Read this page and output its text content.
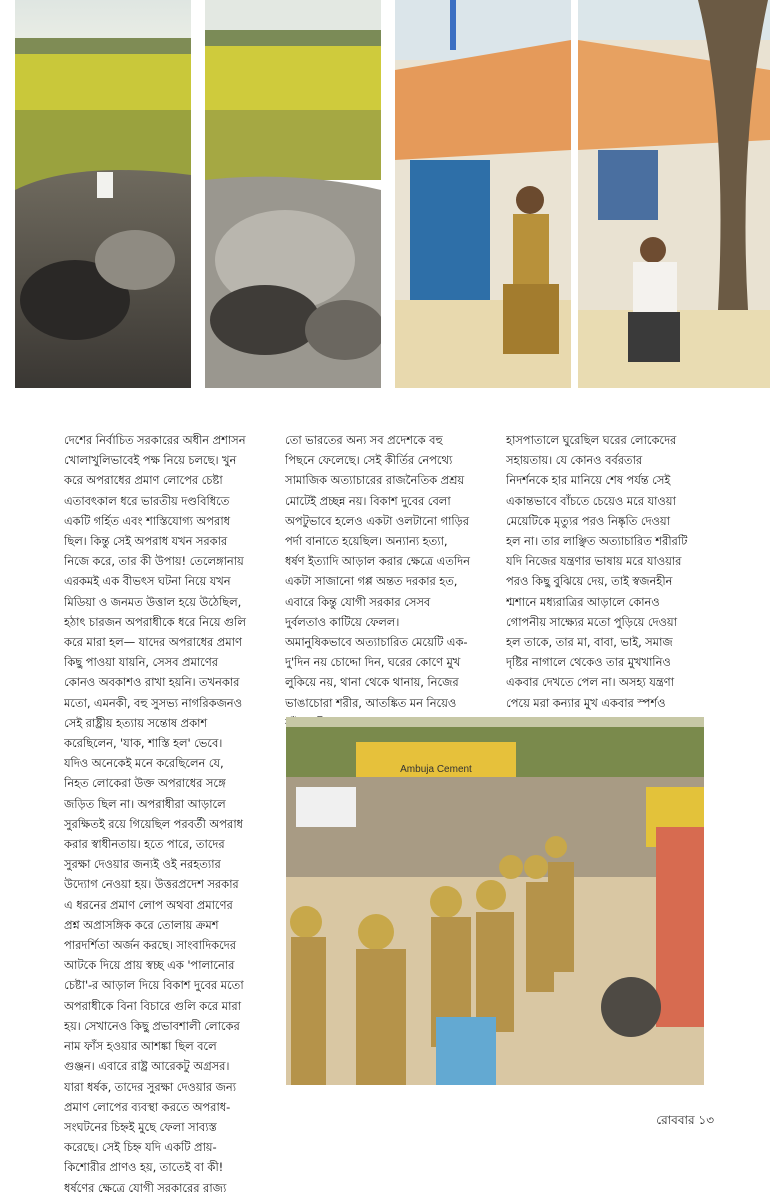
দেশের নির্বাচিত সরকারের অধীন প্রশাসন
খোলাখুলিভাবেই পক্ষ নিয়ে চলছে। খুন
করে অপরাধের প্রমাণ লোপের চেষ্টা
এতাবৎকাল ধরে ভারতীয় দণ্ডবিধিতে
একটি গর্হিত এবং শাস্তিযোগ্য অপরাধ
ছিল। কিন্তু সেই অপরাধ যখন সরকার
নিজে করে, তার কী উপায়! তেলেঙ্গানায়
এরকমই এক বীভৎস ঘটনা নিয়ে যখন
মিডিয়া ও জনমত উত্তাল হয়ে উঠেছিল,
হঠাৎ চারজন অপরাধীকে ধরে নিয়ে গুলি
করে মারা হল— যাদের অপরাধের প্রমাণ
কিছু পাওয়া যায়নি, সেসব প্রমাণের
কোনও অবকাশও রাখা হয়নি। তখনকার
মতো, এমনকী, বহু সুসভ্য নাগরিকজনও
সেই রাষ্ট্রীয় হত্যায় সন্তোষ প্রকাশ
করেছিলেন, 'যাক, শাস্তি হল' ভেবে।
যদিও অনেকেই মনে করেছিলেন যে,
নিহত লোকেরা উক্ত অপরাধের সঙ্গে
জড়িত ছিল না। অপরাধীরা আড়ালে
সুরক্ষিতই রয়ে গিয়েছিল পরবর্তী অপরাধ
করার স্বাধীনতায়। হতে পারে, তাদের
সুরক্ষা দেওয়ার জন্যই ওই নরহত্যার
উদ্যোগ নেওয়া হয়। উত্তরপ্রদেশ সরকার
এ ধরনের প্রমাণ লোপ অথবা প্রমাণের
প্রশ্ন অপ্রাসঙ্গিক করে তোলায় ক্রমশ
পারদর্শিতা অর্জন করছে। সাংবাদিকদের
আটকে দিয়ে প্রায় স্বচ্ছ এক 'পালানোর
চেষ্টা'-র আড়াল দিয়ে বিকাশ দুবের মতো
অপরাধীকে বিনা বিচারে গুলি করে মারা
হয়। সেখানেও কিছু প্রভাবশালী লোকের
নাম ফাঁস হওয়ার আশঙ্কা ছিল বলে
গুঞ্জন। এবারে রাষ্ট্র আরেকটু অগ্রসর।
যারা ধর্ষক, তাদের সুরক্ষা দেওয়ার জন্য
প্রমাণ লোপের ব্যবস্থা করতে অপরাধ-
সংঘটনের চিহ্নই মুছে ফেলা সাব্যস্ত
করেছে। সেই চিহ্ন যদি একটি প্রায়-
কিশোরীর প্রাণও হয়, তাতেই বা কী!
ধর্ষণের ক্ষেত্রে যোগী সরকারের রাজ্য

তো ভারতের অন্য সব প্রদেশকে বহু
পিছনে ফেলেছে। সেই কীর্তির নেপথ্যে
সামাজিক অত্যাচারের রাজনৈতিক প্রশ্রয়
মোটেই প্রচ্ছন্ন নয়। বিকাশ দুবের বেলা
অপটুভাবে হলেও একটা ওলটানো গাড়ির
পর্দা বানাতে হয়েছিল। অন্যান্য হত্যা,
ধর্ষণ ইত্যাদি আড়াল করার ক্ষেত্রে এতদিন
একটা সাজানো গপ্প অন্তত দরকার হত,
এবারে কিন্তু যোগী সরকার সেসব
দুর্বলতাও কাটিয়ে ফেলল।
অমানুষিকভাবে অত্যাচারিত মেয়েটি এক-
দু'দিন নয় চোদ্দো দিন, ঘরের কোণে মুখ
লুকিয়ে নয়, থানা থেকে থানায়, নিজের
ভাঙাচোরা শরীর, আতঙ্কিত মন নিয়েও

হাসপাতালে ঘুরেছিল ঘরের লোকেদের
সহায়তায়। যে কোনও বর্বরতার
নিদর্শনকে হার মানিয়ে শেষ পর্যন্ত সেই
একান্তভাবে বাঁচতে চেয়েও মরে যাওয়া
মেয়েটিকে মৃত্যুর পরও নিষ্কৃতি দেওয়া
হল না। তার লাঞ্ছিত অত্যাচারিত শরীরটি
যদি নিজের যন্ত্রণার ভাষায় মরে যাওয়ার
পরও কিছু বুঝিয়ে দেয়, তাই স্বজনহীন
শ্মশানে মধ্যরাত্রির আড়ালে কোনও
গোপনীয় সাক্ষ্যের মতো পুড়িয়ে দেওয়া
হল তাকে, তার মা, বাবা, ভাই, সমাজ
দৃষ্টির নাগালে থেকেও তার মুখখানিও
একবার দেখতে পেল না। অসহ্য যন্ত্রণা
পেয়ে মরা কন্যার মুখ একবার স্পর্শও

Ambuja Cement
রোববার ১৩
